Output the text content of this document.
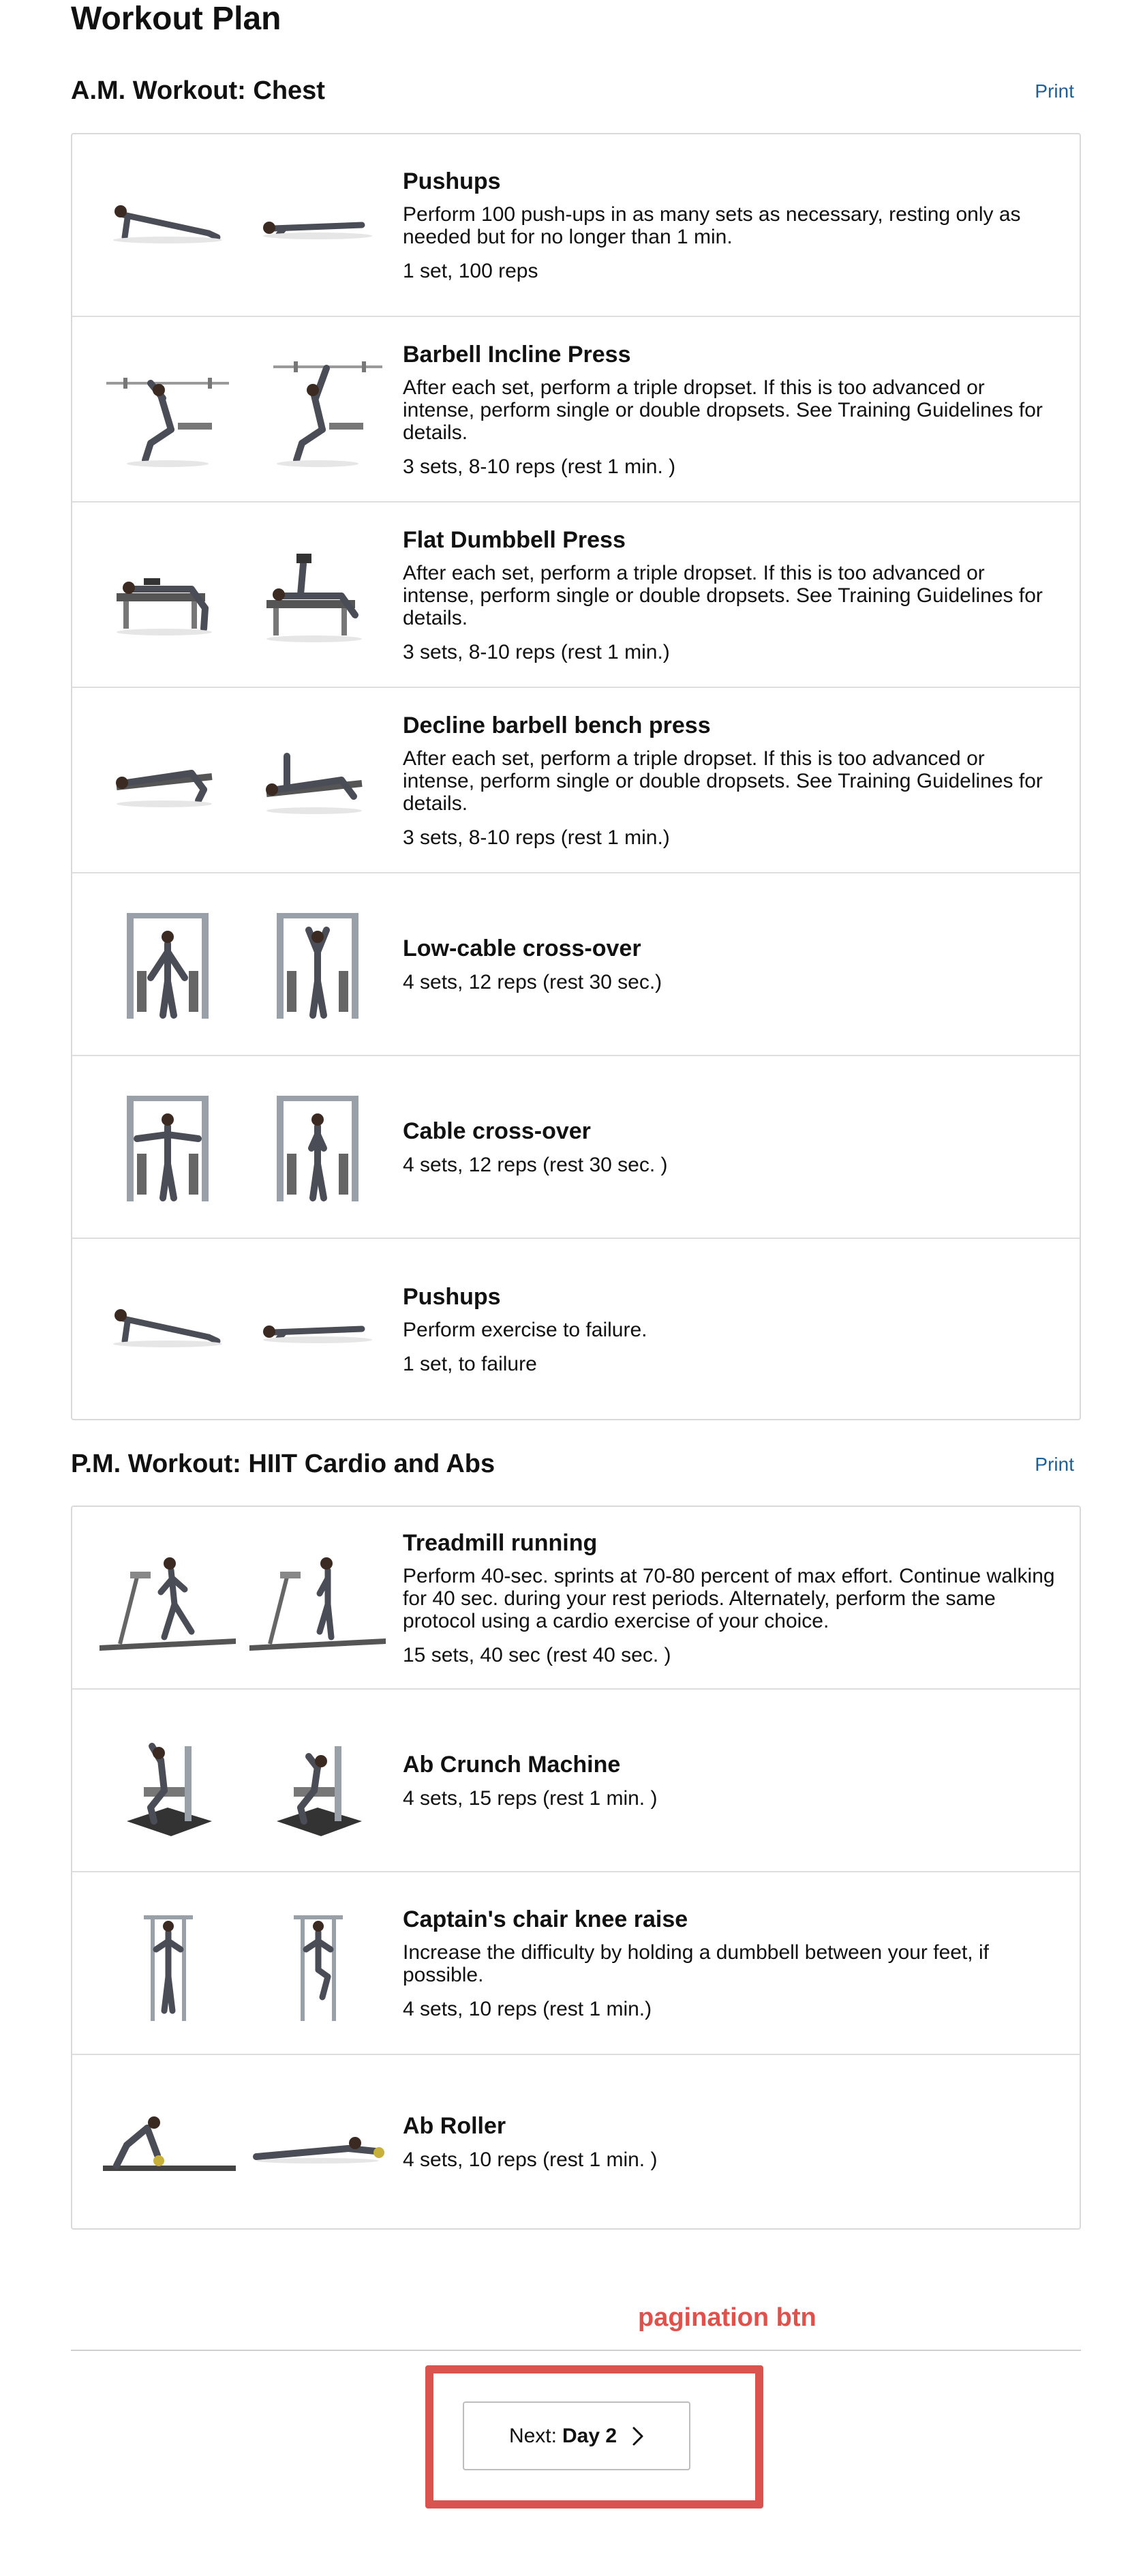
Workout Plan
A.M. Workout: Chest	Print
Pushups
Perform 100 push-ups in as many sets as necessary, resting only as needed but for no longer than 1 min.
1 set, 100 reps
Barbell Incline Press
After each set, perform a triple dropset. If this is too advanced or intense, perform single or double dropsets. See Training Guidelines for details.
3 sets, 8-10 reps (rest 1 min. )
Flat Dumbbell Press
After each set, perform a triple dropset. If this is too advanced or intense, perform single or double dropsets. See Training Guidelines for details.
3 sets, 8-10 reps (rest 1 min.)
Decline barbell bench press
After each set, perform a triple dropset. If this is too advanced or intense, perform single or double dropsets. See Training Guidelines for details.
3 sets, 8-10 reps (rest 1 min.)
Low-cable cross-over
4 sets, 12 reps (rest 30 sec.)
Cable cross-over
4 sets, 12 reps (rest 30 sec. )
Pushups
Perform exercise to failure.
1 set, to failure
P.M. Workout: HIIT Cardio and Abs	Print
Treadmill running
Perform 40-sec. sprints at 70-80 percent of max effort. Continue walking for 40 sec. during your rest periods. Alternately, perform the same protocol using a cardio exercise of your choice.
15 sets, 40 sec (rest 40 sec. )
Ab Crunch Machine
4 sets, 15 reps (rest 1 min. )
Captain's chair knee raise
Increase the difficulty by holding a dumbbell between your feet, if possible.
4 sets, 10 reps (rest 1 min.)
Ab Roller
4 sets, 10 reps (rest 1 min. )
pagination btn
Next: Day 2
